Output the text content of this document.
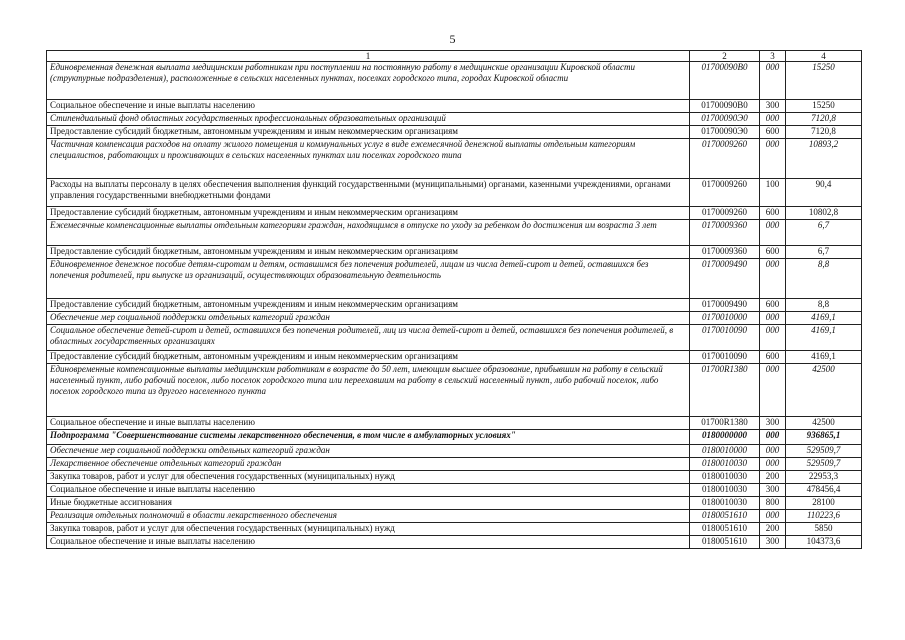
5
1	2	3	4
Единовременная денежная выплата медицинским работникам при поступлении на постоянную работу в медицинские организации Кировской области (структурные подразделения), расположенные в сельских населенных пунктах, поселках городского типа, городах Кировской области	01700090В0	000	15250
Социальное обеспечение и иные выплаты населению	01700090В0	300	15250
Стипендиальный фонд областных государственных профессиональных образовательных организаций	01700090Э0	000	7120,8
Предоставление субсидий бюджетным, автономным учреждениям и иным некоммерческим организациям	01700090Э0	600	7120,8
Частичная компенсация расходов на оплату жилого помещения и коммунальных услуг в виде ежемесячной денежной выплаты отдельным категориям специалистов, работающих и проживающих в сельских населенных пунктах или поселках городского типа	0170009260	000	10893,2
Расходы на выплаты персоналу в целях обеспечения выполнения функций государственными (муниципальными) органами, казенными учреждениями, органами управления государственными внебюджетными фондами	0170009260	100	90,4
Предоставление субсидий бюджетным, автономным учреждениям и иным некоммерческим организациям	0170009260	600	10802,8
Ежемесячные компенсационные выплаты отдельным категориям граждан, находящимся в отпуске по уходу за ребенком до достижения им возраста 3 лет	0170009360	000	6,7
Предоставление субсидий бюджетным, автономным учреждениям и иным некоммерческим организациям	0170009360	600	6,7
Единовременное денежное пособие детям-сиротам и детям, оставшимся без попечения родителей, лицам из числа детей-сирот и детей, оставшихся без попечения родителей, при выпуске из организаций, осуществляющих образовательную деятельность	0170009490	000	8,8
Предоставление субсидий бюджетным, автономным учреждениям и иным некоммерческим организациям	0170009490	600	8,8
Обеспечение мер социальной поддержки отдельных категорий граждан	0170010000	000	4169,1
Социальное обеспечение детей-сирот и детей, оставшихся без попечения родителей, лиц из числа детей-сирот и детей, оставшихся без попечения родителей, в областных государственных организациях	0170010090	000	4169,1
Предоставление субсидий бюджетным, автономным учреждениям и иным некоммерческим организациям	0170010090	600	4169,1
Единовременные компенсационные выплаты медицинским работникам в возрасте до 50 лет, имеющим высшее образование, прибывшим на работу в сельский населенный пункт, либо рабочий поселок, либо поселок городского типа или переехавшим на работу в сельский населенный пункт, либо рабочий поселок, либо поселок городского типа из другого населенного пункта	01700R1380	000	42500
Социальное обеспечение и иные выплаты населению	01700R1380	300	42500
Подпрограмма "Совершенствование системы лекарственного обеспечения, в том числе в амбулаторных условиях"	0180000000	000	936865,1
Обеспечение мер социальной поддержки отдельных категорий граждан	0180010000	000	529509,7
Лекарственное обеспечение отдельных категорий граждан	0180010030	000	529509,7
Закупка товаров, работ и услуг для обеспечения государственных (муниципальных) нужд	0180010030	200	22953,3
Социальное обеспечение и иные выплаты населению	0180010030	300	478456,4
Иные бюджетные ассигнования	0180010030	800	28100
Реализация отдельных полномочий в области лекарственного обеспечения	0180051610	000	110223,6
Закупка товаров, работ и услуг для обеспечения государственных (муниципальных) нужд	0180051610	200	5850
Социальное обеспечение и иные выплаты населению	0180051610	300	104373,6
